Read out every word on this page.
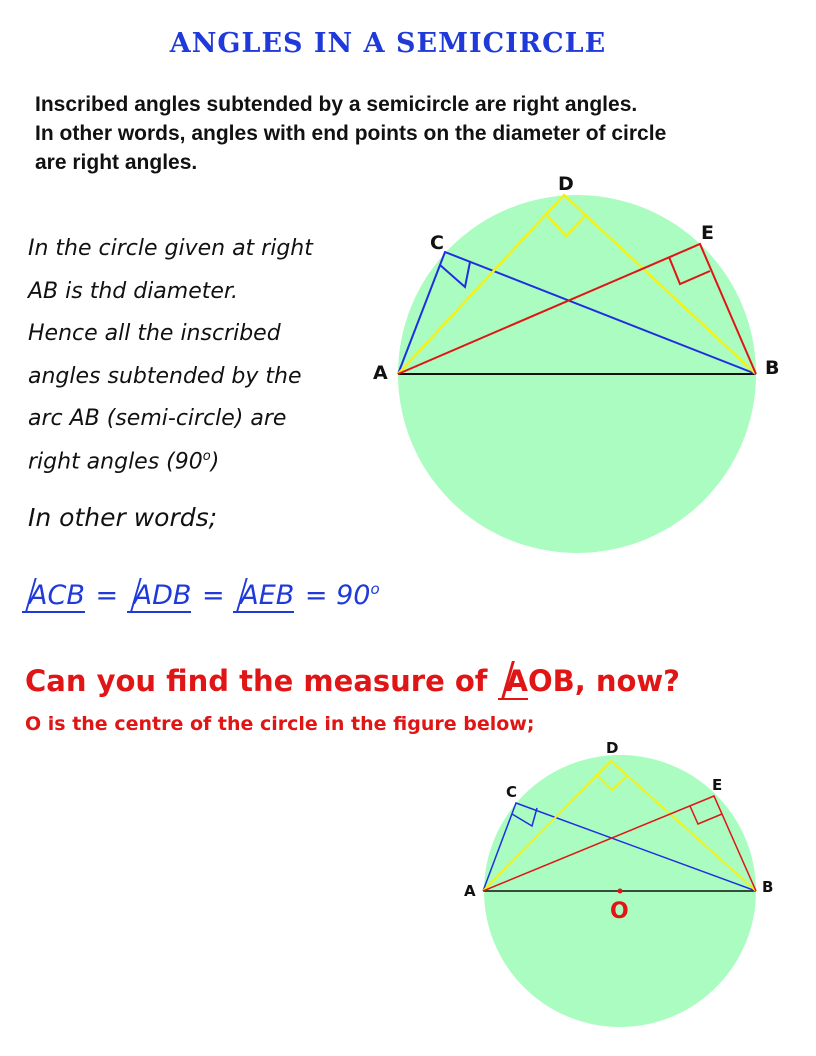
ANGLES IN A SEMICIRCLE
Inscribed angles subtended by a semicircle are right angles.
In other words, angles with end points on the diameter of circle
are right angles.
In the circle given at right
AB is thd diameter.
Hence all the inscribed
angles subtended by the
arc AB (semi-circle) are
right angles (90$^o$)
In other words;
ACB = ADB = AEB = $90^o$
Can you find the measure of AOB, now?
O is the centre of the circle in the figure below;
A	B
C
D
E
A	B
C
D
E
O
